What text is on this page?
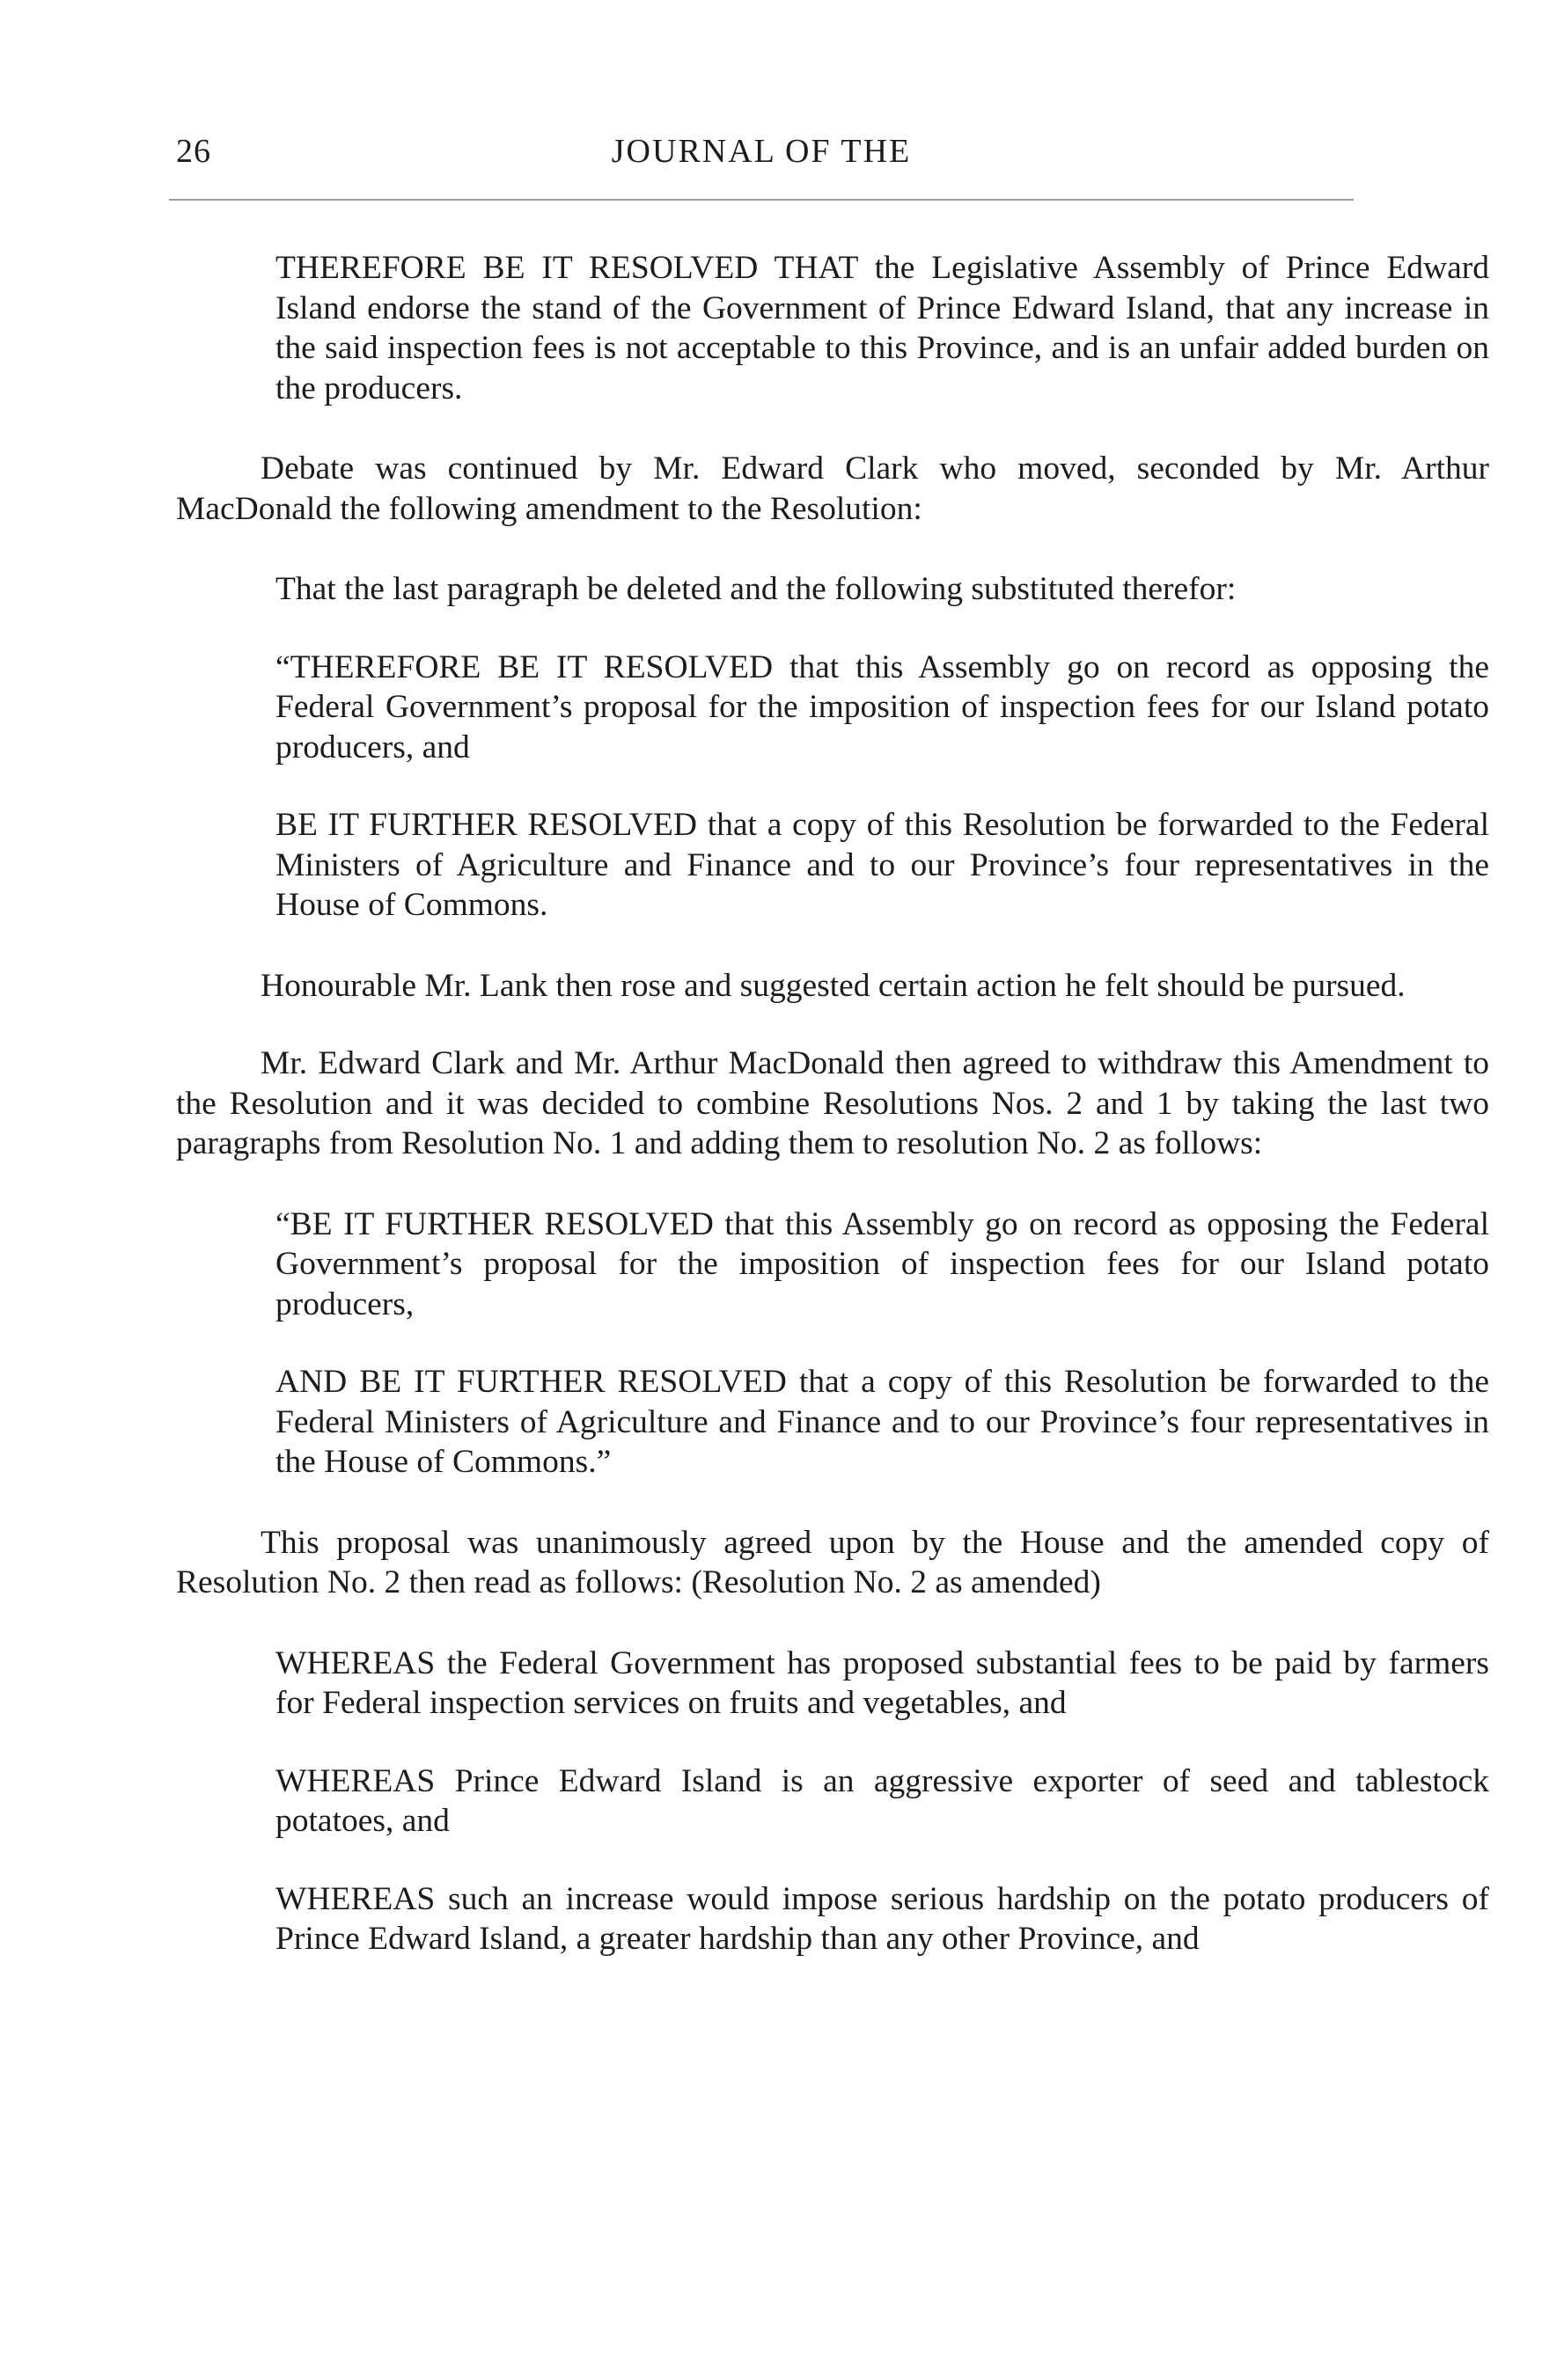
26	JOURNAL OF THE

THEREFORE BE IT RESOLVED THAT the Legislative Assembly of Prince Edward Island endorse the stand of the Government of Prince Edward Island, that any increase in the said inspection fees is not acceptable to this Province, and is an unfair added burden on the producers.

Debate was continued by Mr. Edward Clark who moved, seconded by Mr. Arthur MacDonald the following amendment to the Resolution:

That the last paragraph be deleted and the following substituted therefor:

“THEREFORE BE IT RESOLVED that this Assembly go on record as opposing the Federal Government’s proposal for the imposition of inspection fees for our Island potato producers, and

BE IT FURTHER RESOLVED that a copy of this Resolution be forwarded to the Federal Ministers of Agriculture and Finance and to our Province’s four representatives in the House of Commons.

Honourable Mr. Lank then rose and suggested certain action he felt should be pursued.

Mr. Edward Clark and Mr. Arthur MacDonald then agreed to withdraw this Amendment to the Resolution and it was decided to combine Resolutions Nos. 2 and 1 by taking the last two paragraphs from Resolution No. 1 and adding them to resolution No. 2 as follows:

“BE IT FURTHER RESOLVED that this Assembly go on record as opposing the Federal Government’s proposal for the imposition of inspection fees for our Island potato producers,

AND BE IT FURTHER RESOLVED that a copy of this Resolution be forwarded to the Federal Ministers of Agriculture and Finance and to our Province’s four representatives in the House of Commons.”

This proposal was unanimously agreed upon by the House and the amended copy of Resolution No. 2 then read as follows: (Resolution No. 2 as amended)

WHEREAS the Federal Government has proposed substantial fees to be paid by farmers for Federal inspection services on fruits and vegetables, and

WHEREAS Prince Edward Island is an aggressive exporter of seed and tablestock potatoes, and

WHEREAS such an increase would impose serious hardship on the potato producers of Prince Edward Island, a greater hardship than any other Province, and
